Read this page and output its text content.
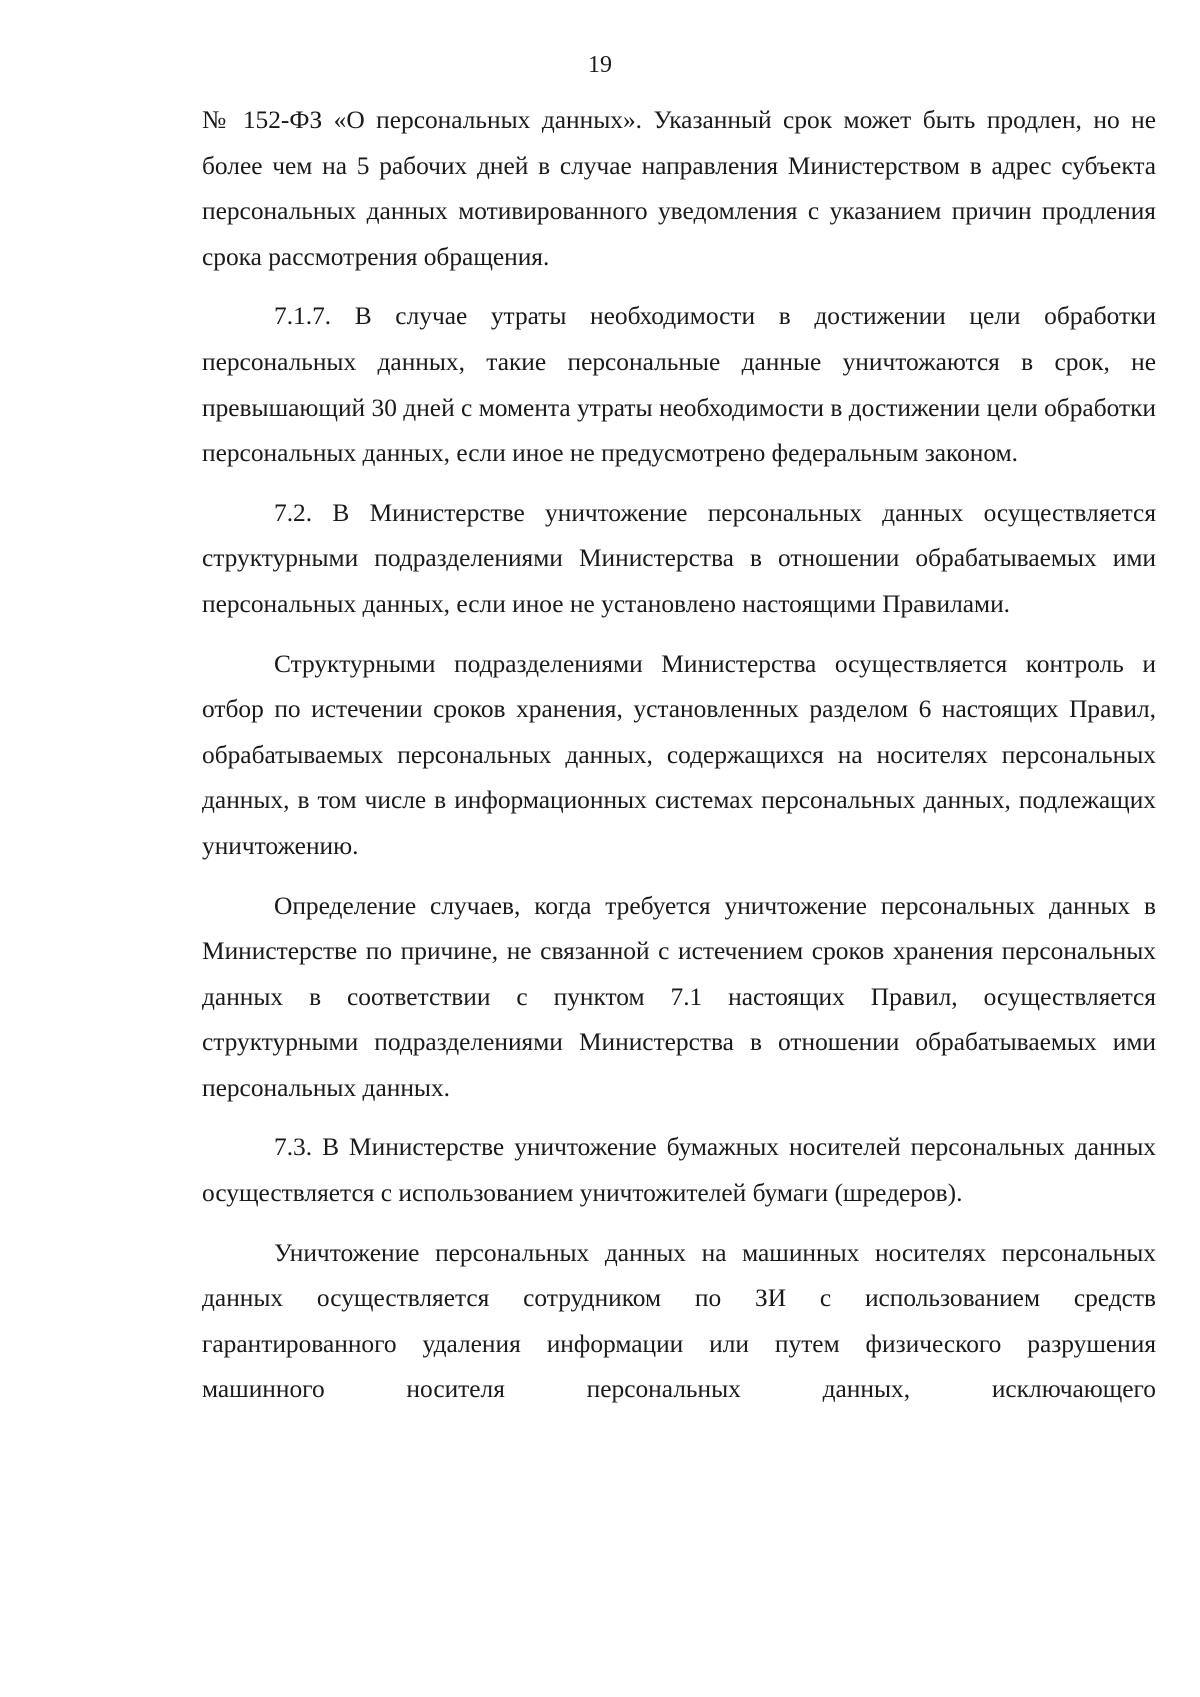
19

№ 152-ФЗ «О персональных данных». Указанный срок может быть продлен, но не более чем на 5 рабочих дней в случае направления Министерством в адрес субъекта персональных данных мотивированного уведомления с указанием причин продления срока рассмотрения обращения.

7.1.7. В случае утраты необходимости в достижении цели обработки персональных данных, такие персональные данные уничтожаются в срок, не превышающий 30 дней с момента утраты необходимости в достижении цели обработки персональных данных, если иное не предусмотрено федеральным законом.

7.2. В Министерстве уничтожение персональных данных осуществляется структурными подразделениями Министерства в отношении обрабатываемых ими персональных данных, если иное не установлено настоящими Правилами.

Структурными подразделениями Министерства осуществляется контроль и отбор по истечении сроков хранения, установленных разделом 6 настоящих Правил, обрабатываемых персональных данных, содержащихся на носителях персональных данных, в том числе в информационных системах персональных данных, подлежащих уничтожению.

Определение случаев, когда требуется уничтожение персональных данных в Министерстве по причине, не связанной с истечением сроков хранения персональных данных в соответствии с пунктом 7.1 настоящих Правил, осуществляется структурными подразделениями Министерства в отношении обрабатываемых ими персональных данных.

7.3. В Министерстве уничтожение бумажных носителей персональных данных осуществляется с использованием уничтожителей бумаги (шредеров).

Уничтожение персональных данных на машинных носителях персональных данных осуществляется сотрудником по ЗИ с использованием средств гарантированного удаления информации или путем физического разрушения машинного носителя персональных данных, исключающего
